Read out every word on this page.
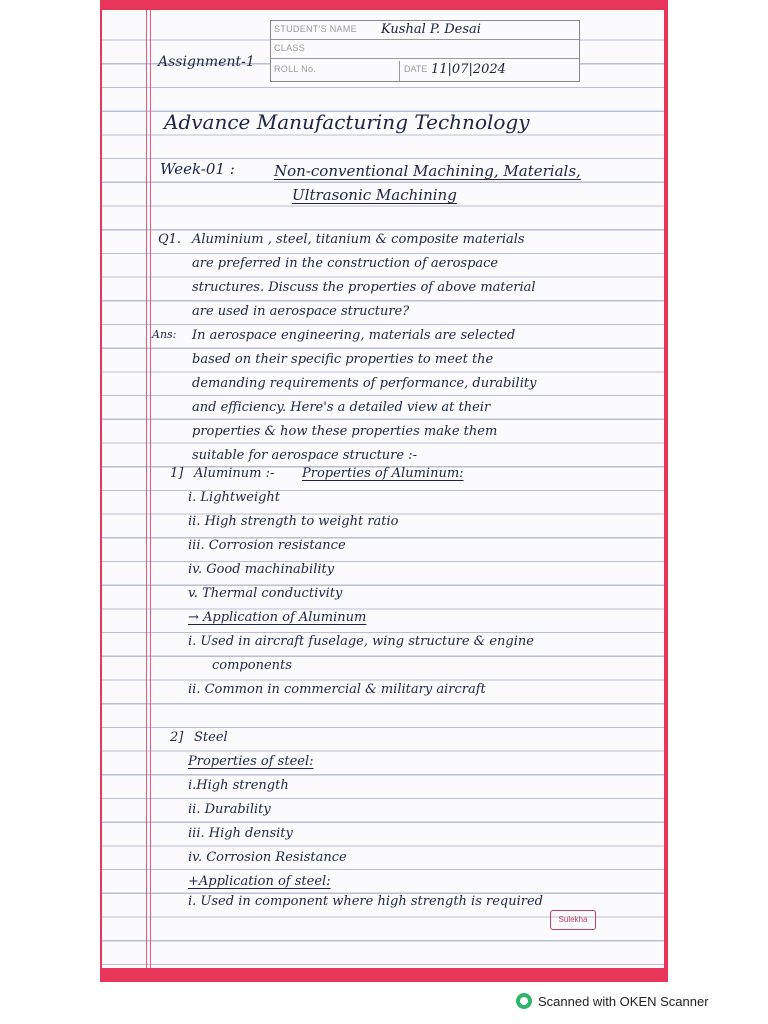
STUDENT'S NAME Kushal P. Desai
CLASS
ROLL No.	DATE 11|07|2024
Assignment-1
Advance Manufacturing Technology
Week-01 :	Non-conventional Machining, Materials,
Ultrasonic Machining
Q1. Aluminium , steel, titanium & composite materials
are preferred in the construction of aerospace
structures. Discuss the properties of above material
are used in aerospace structure?
Ans: In aerospace engineering, materials are selected
based on their specific properties to meet the
demanding requirements of performance, durability
and efficiency. Here's a detailed view at their
properties & how these properties make them
suitable for aerospace structure :-
1] Aluminum :- Properties of Aluminum:
i. Lightweight
ii. High strength to weight ratio
iii. Corrosion resistance
iv. Good machinability
v. Thermal conductivity
→ Application of Aluminum
i. Used in aircraft fuselage, wing structure & engine
components
ii. Common in commercial & military aircraft
2] Steel
Properties of steel:
i.High strength
ii. Durability
iii. High density
iv. Corrosion Resistance
+Application of steel:
i. Used in component where high strength is required
Sulekha
Scanned with OKEN Scanner
